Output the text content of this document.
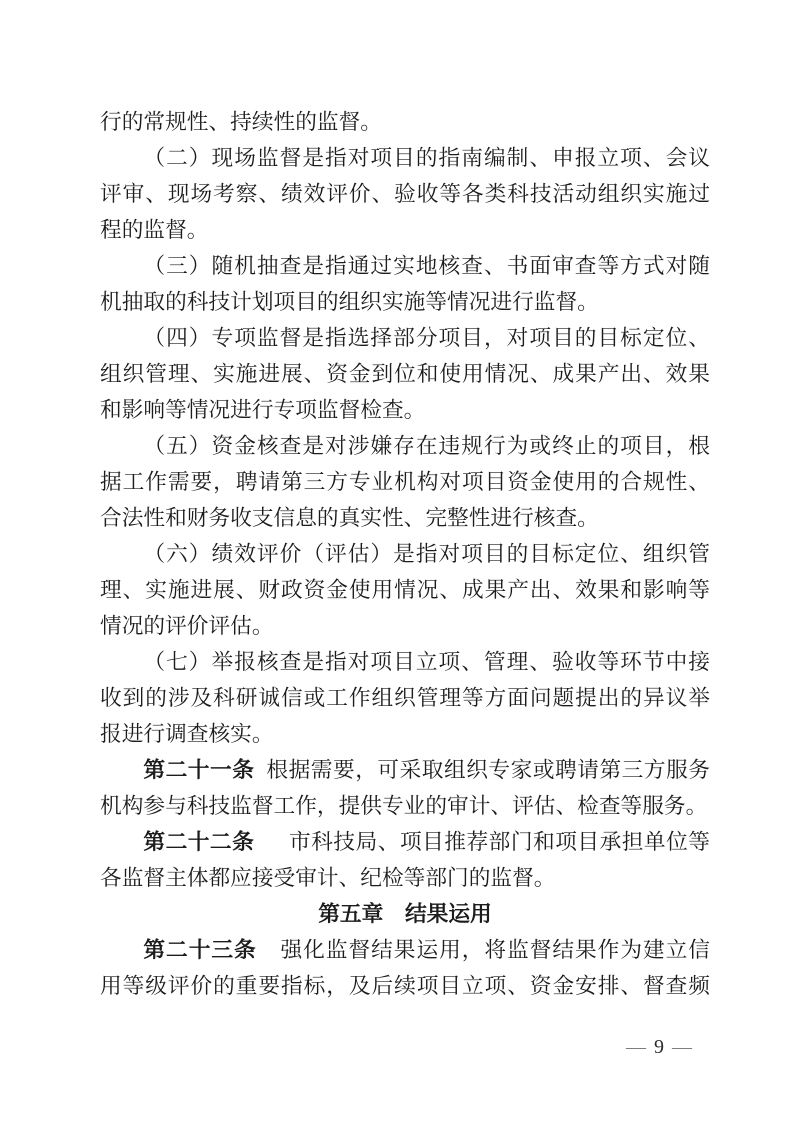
行的常规性、持续性的监督。
（二）现场监督是指对项目的指南编制、申报立项、会议
评审、现场考察、绩效评价、验收等各类科技活动组织实施过
程的监督。
（三）随机抽查是指通过实地核查、书面审查等方式对随
机抽取的科技计划项目的组织实施等情况进行监督。
（四）专项监督是指选择部分项目，对项目的目标定位、
组织管理、实施进展、资金到位和使用情况、成果产出、效果
和影响等情况进行专项监督检查。
（五）资金核查是对涉嫌存在违规行为或终止的项目，根
据工作需要，聘请第三方专业机构对项目资金使用的合规性、
合法性和财务收支信息的真实性、完整性进行核查。
（六）绩效评价（评估）是指对项目的目标定位、组织管
理、实施进展、财政资金使用情况、成果产出、效果和影响等
情况的评价评估。
（七）举报核查是指对项目立项、管理、验收等环节中接
收到的涉及科研诚信或工作组织管理等方面问题提出的异议举
报进行调查核实。
第二十一条 根据需要，可采取组织专家或聘请第三方服务
机构参与科技监督工作，提供专业的审计、评估、检查等服务。
第二十二条 市科技局、项目推荐部门和项目承担单位等
各监督主体都应接受审计、纪检等部门的监督。
第五章　结果运用
第二十三条 强化监督结果运用，将监督结果作为建立信
用等级评价的重要指标，及后续项目立项、资金安排、督查频
— 9 —
